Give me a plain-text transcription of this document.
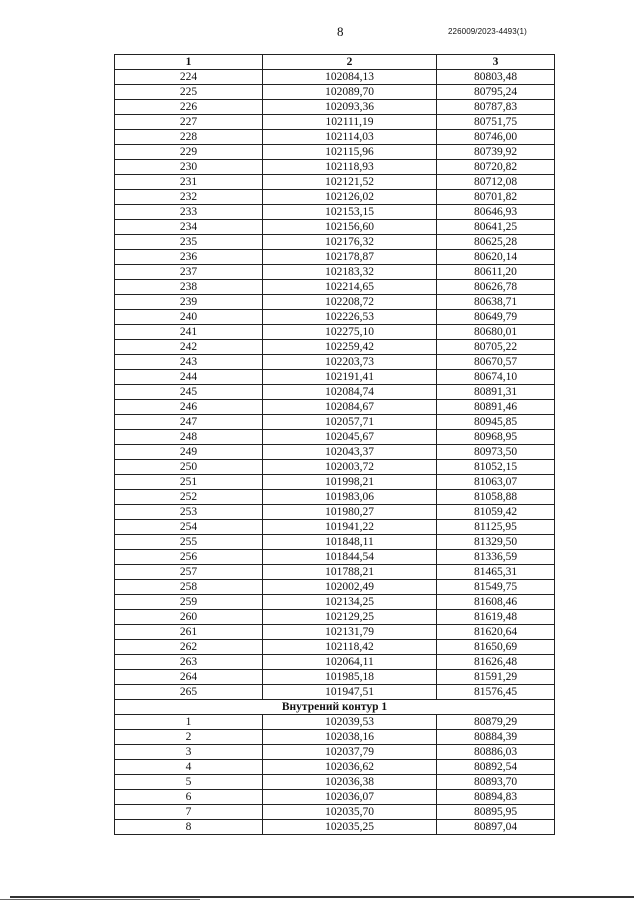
8	226009/2023-4493(1)
1	2	3
224	102084,13	80803,48
225	102089,70	80795,24
226	102093,36	80787,83
227	102111,19	80751,75
228	102114,03	80746,00
229	102115,96	80739,92
230	102118,93	80720,82
231	102121,52	80712,08
232	102126,02	80701,82
233	102153,15	80646,93
234	102156,60	80641,25
235	102176,32	80625,28
236	102178,87	80620,14
237	102183,32	80611,20
238	102214,65	80626,78
239	102208,72	80638,71
240	102226,53	80649,79
241	102275,10	80680,01
242	102259,42	80705,22
243	102203,73	80670,57
244	102191,41	80674,10
245	102084,74	80891,31
246	102084,67	80891,46
247	102057,71	80945,85
248	102045,67	80968,95
249	102043,37	80973,50
250	102003,72	81052,15
251	101998,21	81063,07
252	101983,06	81058,88
253	101980,27	81059,42
254	101941,22	81125,95
255	101848,11	81329,50
256	101844,54	81336,59
257	101788,21	81465,31
258	102002,49	81549,75
259	102134,25	81608,46
260	102129,25	81619,48
261	102131,79	81620,64
262	102118,42	81650,69
263	102064,11	81626,48
264	101985,18	81591,29
265	101947,51	81576,45
Внутрений контур 1		
1	102039,53	80879,29
2	102038,16	80884,39
3	102037,79	80886,03
4	102036,62	80892,54
5	102036,38	80893,70
6	102036,07	80894,83
7	102035,70	80895,95
8	102035,25	80897,04
